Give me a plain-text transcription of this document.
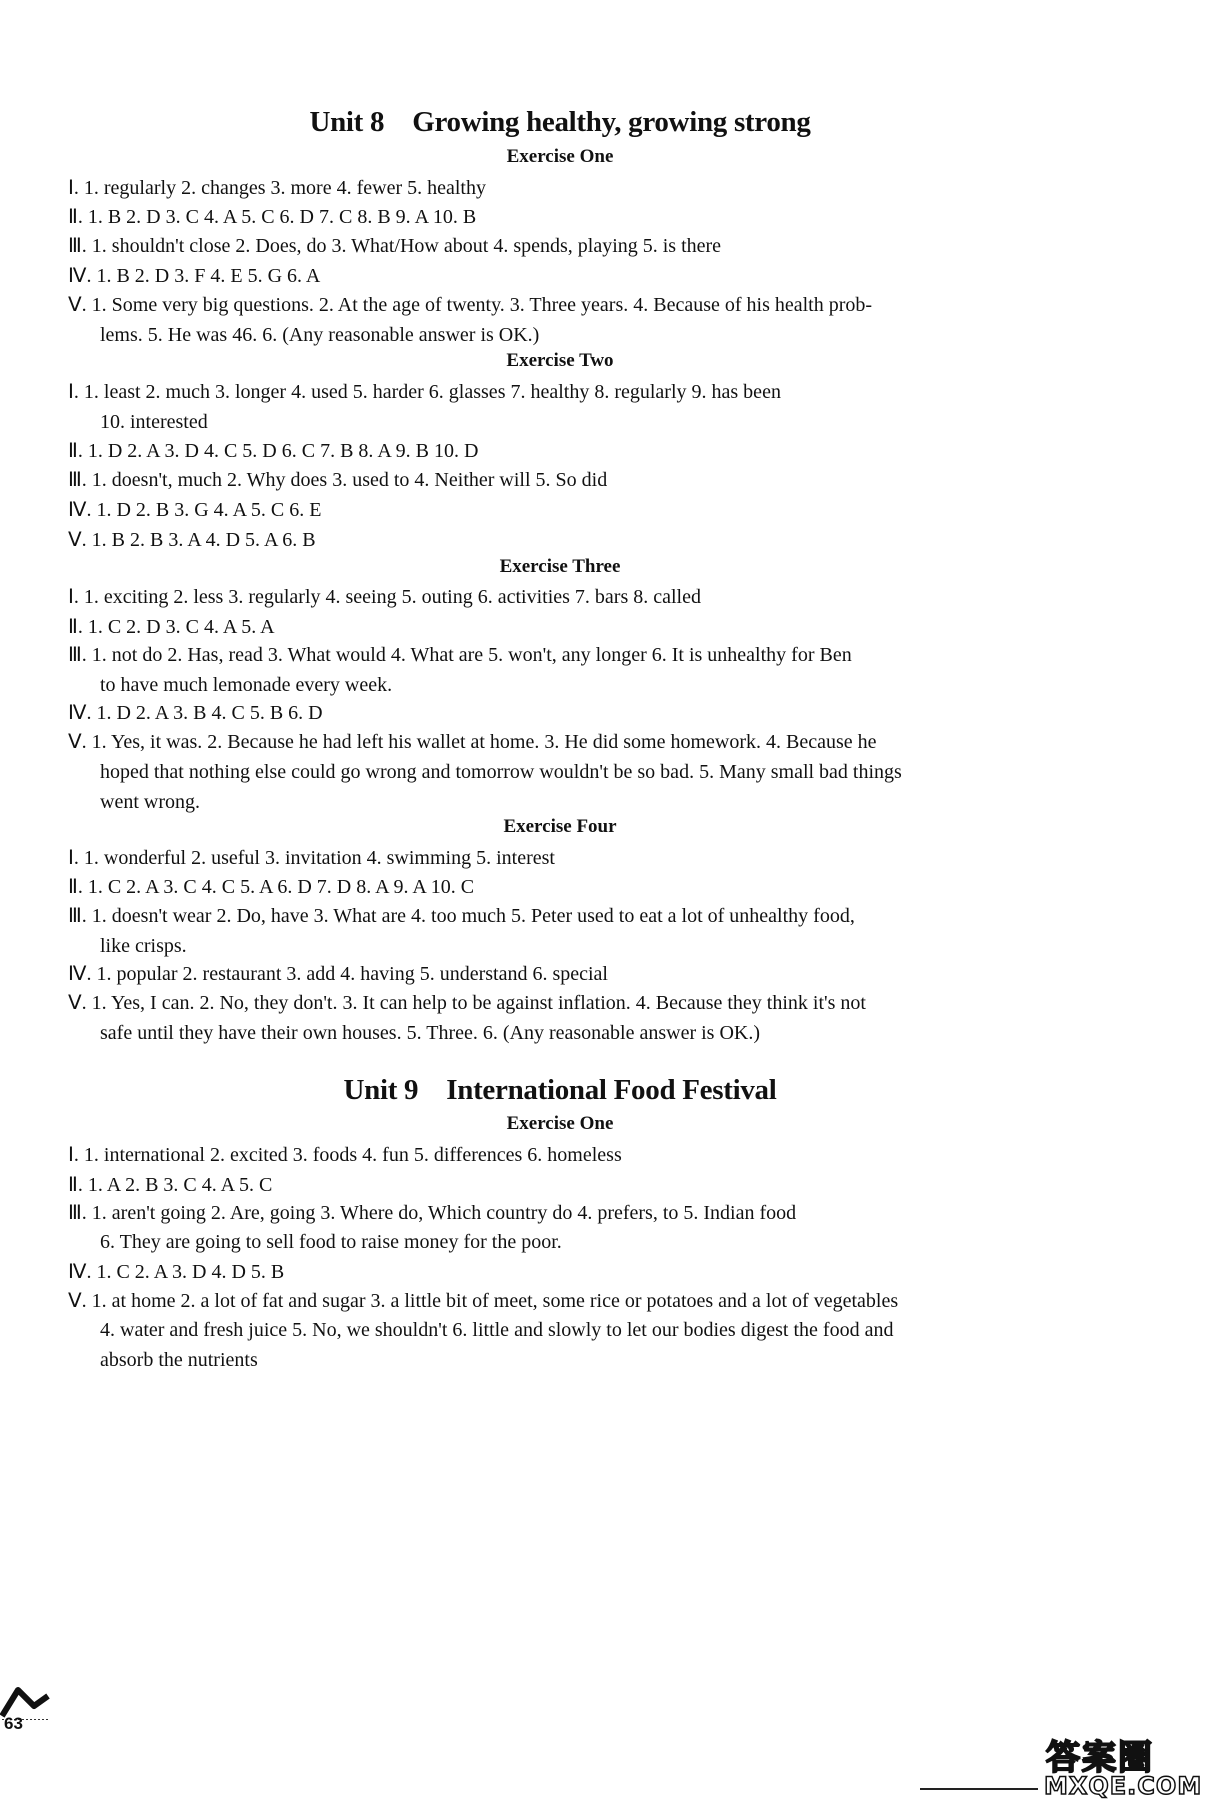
Unit 8 Growing healthy, growing strong
Exercise One
Ⅰ. 1. regularly 2. changes 3. more 4. fewer 5. healthy
Ⅱ. 1. B 2. D 3. C 4. A 5. C 6. D 7. C 8. B 9. A 10. B
Ⅲ. 1. shouldn't close 2. Does, do 3. What/How about 4. spends, playing 5. is there
Ⅳ. 1. B 2. D 3. F 4. E 5. G 6. A
Ⅴ. 1. Some very big questions. 2. At the age of twenty. 3. Three years. 4. Because of his health prob-
lems. 5. He was 46. 6. (Any reasonable answer is OK.)
Exercise Two
Ⅰ. 1. least 2. much 3. longer 4. used 5. harder 6. glasses 7. healthy 8. regularly 9. has been
10. interested
Ⅱ. 1. D 2. A 3. D 4. C 5. D 6. C 7. B 8. A 9. B 10. D
Ⅲ. 1. doesn't, much 2. Why does 3. used to 4. Neither will 5. So did
Ⅳ. 1. D 2. B 3. G 4. A 5. C 6. E
Ⅴ. 1. B 2. B 3. A 4. D 5. A 6. B
Exercise Three
Ⅰ. 1. exciting 2. less 3. regularly 4. seeing 5. outing 6. activities 7. bars 8. called
Ⅱ. 1. C 2. D 3. C 4. A 5. A
Ⅲ. 1. not do 2. Has, read 3. What would 4. What are 5. won't, any longer 6. It is unhealthy for Ben
to have much lemonade every week.
Ⅳ. 1. D 2. A 3. B 4. C 5. B 6. D
Ⅴ. 1. Yes, it was. 2. Because he had left his wallet at home. 3. He did some homework. 4. Because he
hoped that nothing else could go wrong and tomorrow wouldn't be so bad. 5. Many small bad things
went wrong.
Exercise Four
Ⅰ. 1. wonderful 2. useful 3. invitation 4. swimming 5. interest
Ⅱ. 1. C 2. A 3. C 4. C 5. A 6. D 7. D 8. A 9. A 10. C
Ⅲ. 1. doesn't wear 2. Do, have 3. What are 4. too much 5. Peter used to eat a lot of unhealthy food,
like crisps.
Ⅳ. 1. popular 2. restaurant 3. add 4. having 5. understand 6. special
Ⅴ. 1. Yes, I can. 2. No, they don't. 3. It can help to be against inflation. 4. Because they think it's not
safe until they have their own houses. 5. Three. 6. (Any reasonable answer is OK.)
Unit 9 International Food Festival
Exercise One
Ⅰ. 1. international 2. excited 3. foods 4. fun 5. differences 6. homeless
Ⅱ. 1. A 2. B 3. C 4. A 5. C
Ⅲ. 1. aren't going 2. Are, going 3. Where do, Which country do 4. prefers, to 5. Indian food
6. They are going to sell food to raise money for the poor.
Ⅳ. 1. C 2. A 3. D 4. D 5. B
Ⅴ. 1. at home 2. a lot of fat and sugar 3. a little bit of meet, some rice or potatoes and a lot of vegetables
4. water and fresh juice 5. No, we shouldn't 6. little and slowly to let our bodies digest the food and
absorb the nutrients
63
答案圈
MXQE.COM
